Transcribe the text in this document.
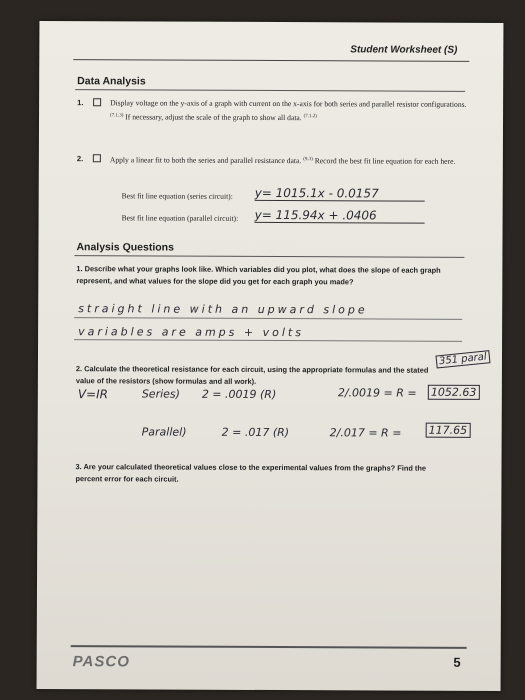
Student Worksheet (S)
Data Analysis
1.	Display voltage on the y-axis of a graph with current on the x-axis for both series and parallel resistor configurations. $^{(7.1.3)}$ If necessary, adjust the scale of the graph to show all data. $^{(7.1.2)}$
2.	Apply a linear fit to both the series and parallel resistance data. $^{(9.3)}$ Record the best fit line equation for each here.
Best fit line equation (series circuit): y= 1015.1x - 0.0157
Best fit line equation (parallel circuit): y= 115.94x + .0406
Analysis Questions
1. Describe what your graphs look like. Which variables did you plot, what does the slope of each graph represent, and what values for the slope did you get for each graph you made?
straight line with an upward slope
variables are amps + volts
2. Calculate the theoretical resistance for each circuit, using the appropriate formulas and the stated value of the resistors (show formulas and all work).
351 paral
V=IR	Series) 2 = .0019 (R)	2/.0019 = R = 1052.63
Parallel)	2 = .017 (R)	2/.017 = R = 117.65
3. Are your calculated theoretical values close to the experimental values from the graphs? Find the percent error for each circuit.
PASCO	5
